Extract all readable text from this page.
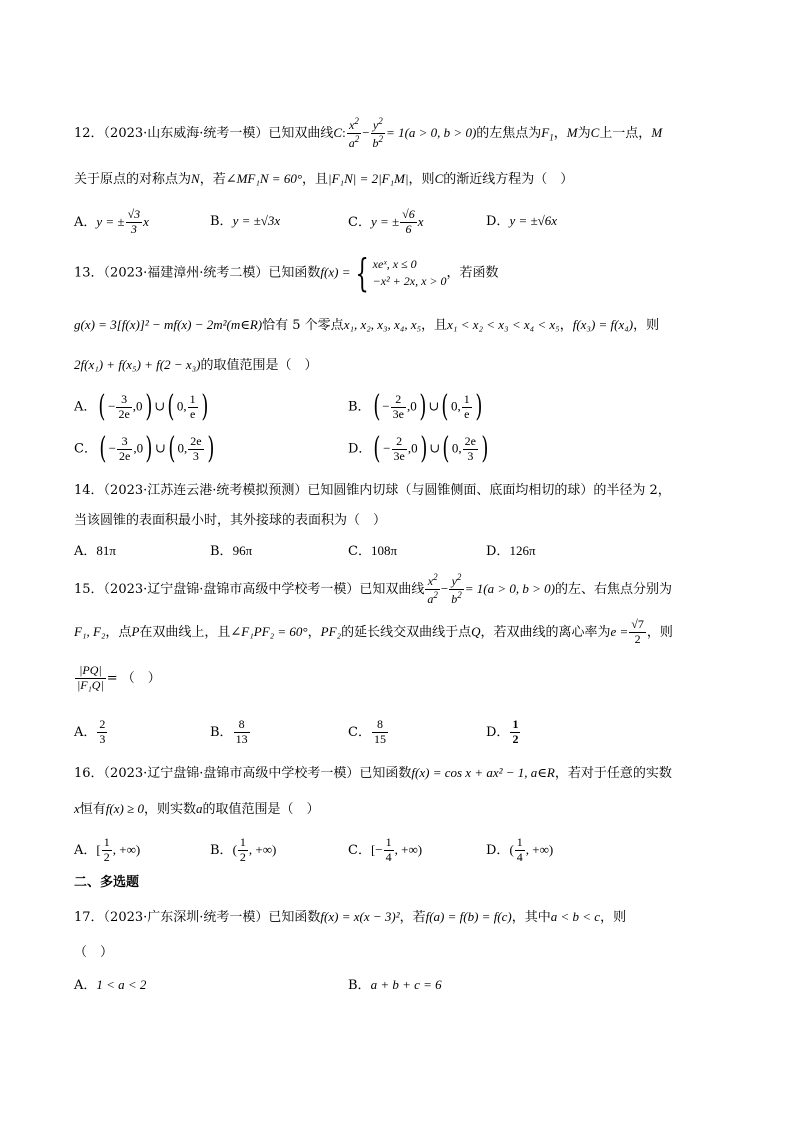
12．（2023·山东威海·统考一模）已知双曲线C: $\frac{x^2}{a^2} - \frac{y^2}{b^2} = 1(a > 0$, b > 0)的左焦点为$F_1$，M为C上一点，M
关于原点的对称点为N，若∠MF₁N = 60°，且|F₁N| = 2|F₁M|，则C的渐近线方程为（　）
A．y = ± $\frac{√3}{3}$ x	B．y = ±√3x	C．y = ± $\frac{√6}{6}$ x	D．y = ±√6x
13．（2023·福建漳州·统考二模）已知函数f(x) = { xeˣ, x ≤ 0
−x² + 2x, x > 0
，若函数
g(x) = 3[f(x)]² − mf(x) − 2m²(m∈R)恰有 5 个零点x₁, x₂, x₃, x₄, x₅，且x₁ < x₂ < x₃ < x₄ < x₅，f(x₃) = f(x₄)，则
2f(x₁) + f(x₅) + f(2 − x₃)的取值范围是（　）
A．( − $\frac{3}{2e} ,0$) ∪( 0, $\frac{1}{e}$ )	B．( − $\frac{2}{3e} ,0$) ∪( 0, $\frac{1}{e}$ )
C．( − $\frac{3}{2e} ,0$) ∪( 0, $\frac{2e}{3}$ )	D．( − $\frac{2}{3e} ,0$) ∪( 0, $\frac{2e}{3}$ )
14．（2023·江苏连云港·统考模拟预测）已知圆锥内切球（与圆锥侧面、底面均相切的球）的半径为 2，
当该圆锥的表面积最小时，其外接球的表面积为（　）
A．81π	B．96π	C．108π	D．126π
15．（2023·辽宁盘锦·盘锦市高级中学校考一模）已知双曲线 $\frac{x^2}{a^2} - \frac{y^2}{b^2} = 1(a > 0$, b > 0)的左、右焦点分别为
F₁, F₂，点P在双曲线上，且∠F₁PF₂ = 60°，PF₂的延长线交双曲线于点Q，若双曲线的离心率为$e = \frac{√7}{2}$ ，则
$\frac{|PQ|}{\text{|F₁Q|}}$ = （　）
A． $\frac{2}{3}$	B． $\frac{8}{13}$	C． $\frac{8}{15}$	D． $\frac{1}{2}$
16．（2023·辽宁盘锦·盘锦市高级中学校考一模）已知函数f(x) = cos x + ax² − 1, a∈R，若对于任意的实数
x恒有f(x) ≥ 0，则实数a的取值范围是（　）
A．[ $\frac{1}{2}$ , +∞)	B．( $\frac{1}{2}$ , +∞)	C．[− $\frac{1}{4}$ , +∞)	D．( $\frac{1}{4}$ , +∞)
二、多选题
17．（2023·广东深圳·统考一模）已知函数f(x) = x(x − 3)²，若f(a) = f(b) = f(c)，其中a < b < c，则
（　）
A．1 < a < 2	B．a + b + c = 6
